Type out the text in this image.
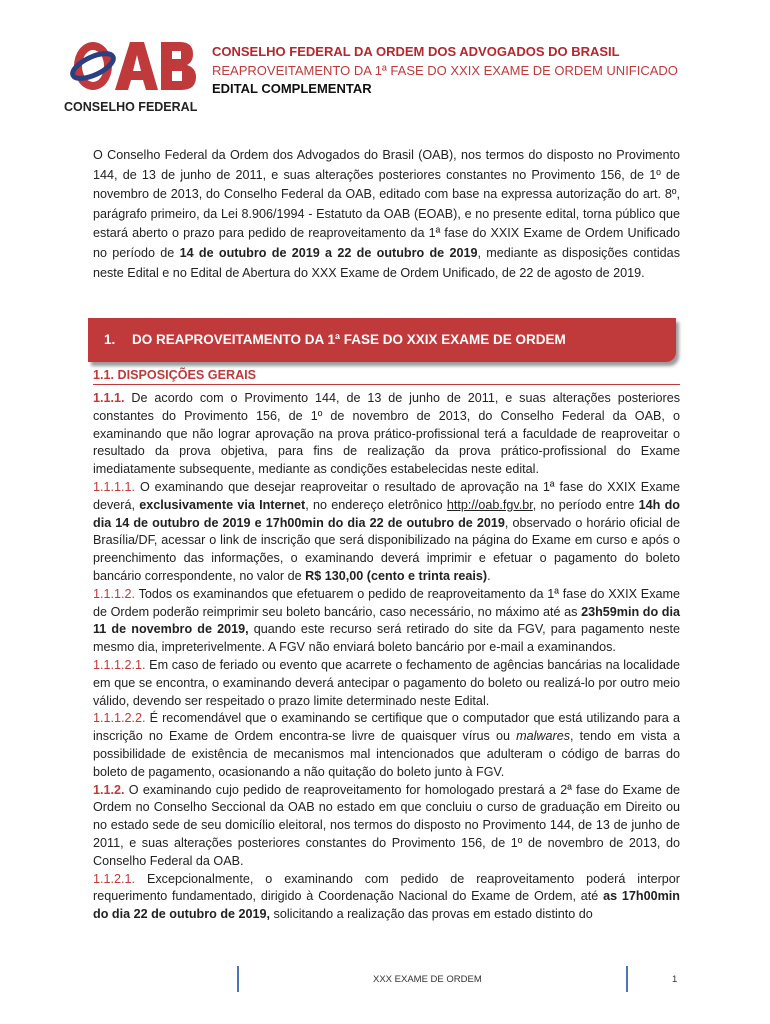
CONSELHO FEDERAL
CONSELHO FEDERAL DA ORDEM DOS ADVOGADOS DO BRASIL
REAPROVEITAMENTO DA 1ª FASE DO XXIX EXAME DE ORDEM UNIFICADO
EDITAL COMPLEMENTAR
O Conselho Federal da Ordem dos Advogados do Brasil (OAB), nos termos do disposto no Provimento 144, de 13 de junho de 2011, e suas alterações posteriores constantes no Provimento 156, de 1º de novembro de 2013, do Conselho Federal da OAB, editado com base na expressa autorização do art. 8º, parágrafo primeiro, da Lei 8.906/1994 - Estatuto da OAB (EOAB), e no presente edital, torna público que estará aberto o prazo para pedido de reaproveitamento da 1ª fase do XXIX Exame de Ordem Unificado no período de 14 de outubro de 2019 a 22 de outubro de 2019, mediante as disposições contidas neste Edital e no Edital de Abertura do XXX Exame de Ordem Unificado, de 22 de agosto de 2019.
1. DO REAPROVEITAMENTO DA 1ª FASE DO XXIX EXAME DE ORDEM
1.1. DISPOSIÇÕES GERAIS

1.1.1. De acordo com o Provimento 144, de 13 de junho de 2011, e suas alterações posteriores constantes do Provimento 156, de 1º de novembro de 2013, do Conselho Federal da OAB, o examinando que não lograr aprovação na prova prático-profissional terá a faculdade de reaproveitar o resultado da prova objetiva, para fins de realização da prova prático-profissional do Exame imediatamente subsequente, mediante as condições estabelecidas neste edital.

1.1.1.1. O examinando que desejar reaproveitar o resultado de aprovação na 1ª fase do XXIX Exame deverá, exclusivamente via Internet, no endereço eletrônico http://oab.fgv.br, no período entre 14h do dia 14 de outubro de 2019 e 17h00min do dia 22 de outubro de 2019, observado o horário oficial de Brasília/DF, acessar o link de inscrição que será disponibilizado na página do Exame em curso e após o preenchimento das informações, o examinando deverá imprimir e efetuar o pagamento do boleto bancário correspondente, no valor de R$ 130,00 (cento e trinta reais).

1.1.1.2. Todos os examinandos que efetuarem o pedido de reaproveitamento da 1ª fase do XXIX Exame de Ordem poderão reimprimir seu boleto bancário, caso necessário, no máximo até as 23h59min do dia 11 de novembro de 2019, quando este recurso será retirado do site da FGV, para pagamento neste mesmo dia, impreterivelmente. A FGV não enviará boleto bancário por e-mail a examinandos.

1.1.1.2.1. Em caso de feriado ou evento que acarrete o fechamento de agências bancárias na localidade em que se encontra, o examinando deverá antecipar o pagamento do boleto ou realizá-lo por outro meio válido, devendo ser respeitado o prazo limite determinado neste Edital.

1.1.1.2.2. É recomendável que o examinando se certifique que o computador que está utilizando para a inscrição no Exame de Ordem encontra-se livre de quaisquer vírus ou malwares, tendo em vista a possibilidade de existência de mecanismos mal intencionados que adulteram o código de barras do boleto de pagamento, ocasionando a não quitação do boleto junto à FGV.

1.1.2. O examinando cujo pedido de reaproveitamento for homologado prestará a 2ª fase do Exame de Ordem no Conselho Seccional da OAB no estado em que concluiu o curso de graduação em Direito ou no estado sede de seu domicílio eleitoral, nos termos do disposto no Provimento 144, de 13 de junho de 2011, e suas alterações posteriores constantes do Provimento 156, de 1º de novembro de 2013, do Conselho Federal da OAB.

1.1.2.1. Excepcionalmente, o examinando com pedido de reaproveitamento poderá interpor requerimento fundamentado, dirigido à Coordenação Nacional do Exame de Ordem, até as 17h00min do dia 22 de outubro de 2019, solicitando a realização das provas em estado distinto do

XXX EXAME DE ORDEM	1
